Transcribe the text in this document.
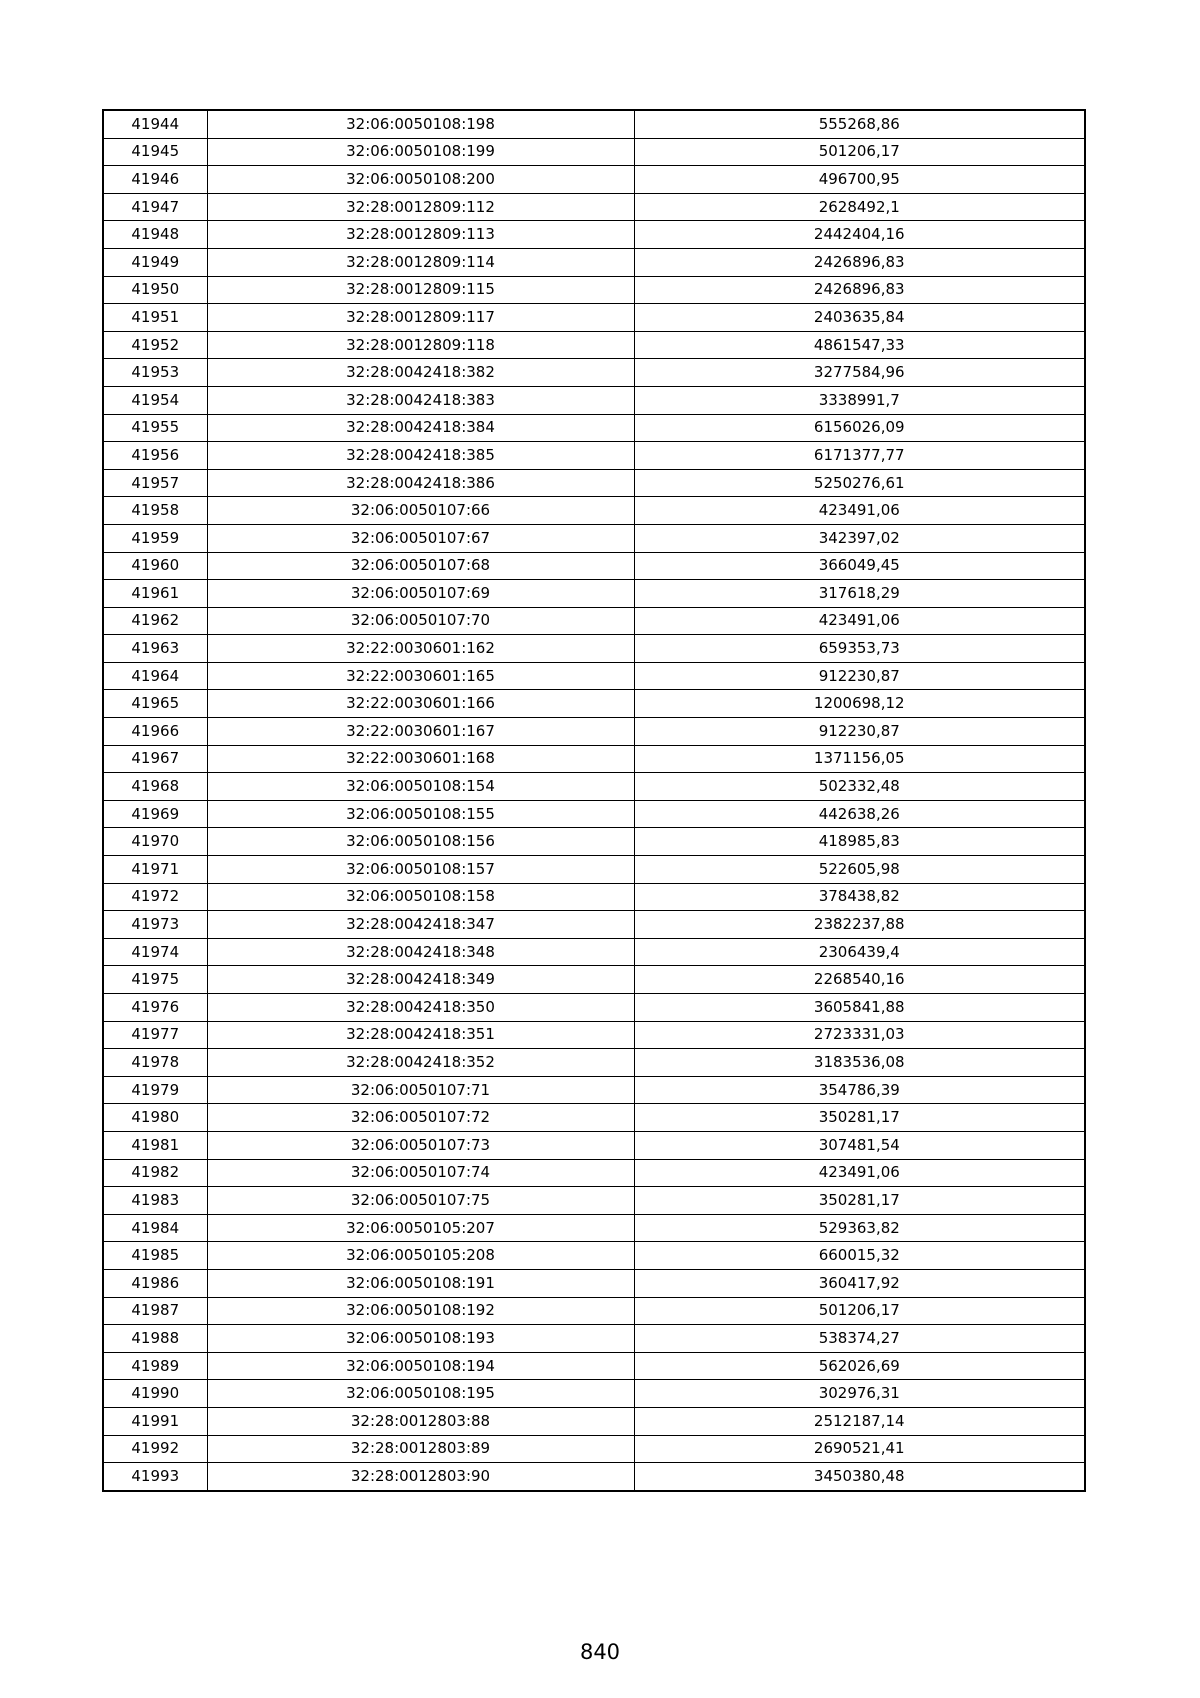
41944	32:06:0050108:198	555268,86
41945	32:06:0050108:199	501206,17
41946	32:06:0050108:200	496700,95
41947	32:28:0012809:112	2628492,1
41948	32:28:0012809:113	2442404,16
41949	32:28:0012809:114	2426896,83
41950	32:28:0012809:115	2426896,83
41951	32:28:0012809:117	2403635,84
41952	32:28:0012809:118	4861547,33
41953	32:28:0042418:382	3277584,96
41954	32:28:0042418:383	3338991,7
41955	32:28:0042418:384	6156026,09
41956	32:28:0042418:385	6171377,77
41957	32:28:0042418:386	5250276,61
41958	32:06:0050107:66	423491,06
41959	32:06:0050107:67	342397,02
41960	32:06:0050107:68	366049,45
41961	32:06:0050107:69	317618,29
41962	32:06:0050107:70	423491,06
41963	32:22:0030601:162	659353,73
41964	32:22:0030601:165	912230,87
41965	32:22:0030601:166	1200698,12
41966	32:22:0030601:167	912230,87
41967	32:22:0030601:168	1371156,05
41968	32:06:0050108:154	502332,48
41969	32:06:0050108:155	442638,26
41970	32:06:0050108:156	418985,83
41971	32:06:0050108:157	522605,98
41972	32:06:0050108:158	378438,82
41973	32:28:0042418:347	2382237,88
41974	32:28:0042418:348	2306439,4
41975	32:28:0042418:349	2268540,16
41976	32:28:0042418:350	3605841,88
41977	32:28:0042418:351	2723331,03
41978	32:28:0042418:352	3183536,08
41979	32:06:0050107:71	354786,39
41980	32:06:0050107:72	350281,17
41981	32:06:0050107:73	307481,54
41982	32:06:0050107:74	423491,06
41983	32:06:0050107:75	350281,17
41984	32:06:0050105:207	529363,82
41985	32:06:0050105:208	660015,32
41986	32:06:0050108:191	360417,92
41987	32:06:0050108:192	501206,17
41988	32:06:0050108:193	538374,27
41989	32:06:0050108:194	562026,69
41990	32:06:0050108:195	302976,31
41991	32:28:0012803:88	2512187,14
41992	32:28:0012803:89	2690521,41
41993	32:28:0012803:90	3450380,48
840
